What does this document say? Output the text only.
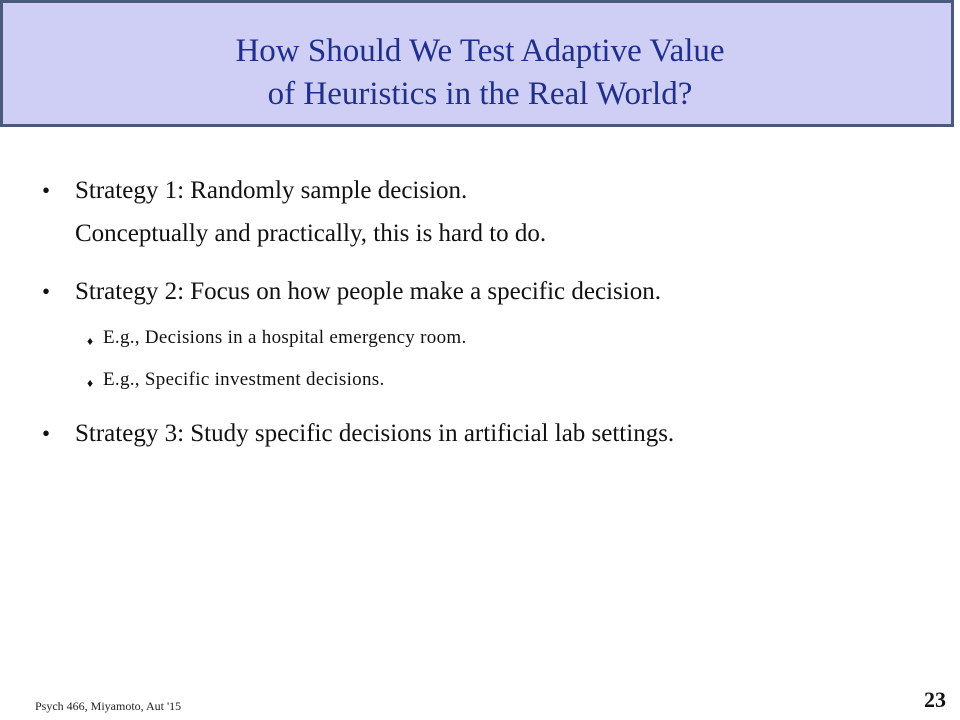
How Should We Test Adaptive Value
of Heuristics in the Real World?
• Strategy 1: Randomly sample decision.
Conceptually and practically, this is hard to do.
• Strategy 2: Focus on how people make a specific decision.
♦ E.g., Decisions in a hospital emergency room.
♦ E.g., Specific investment decisions.
• Strategy 3: Study specific decisions in artificial lab settings.
Psych 466, Miyamoto, Aut '15	23
